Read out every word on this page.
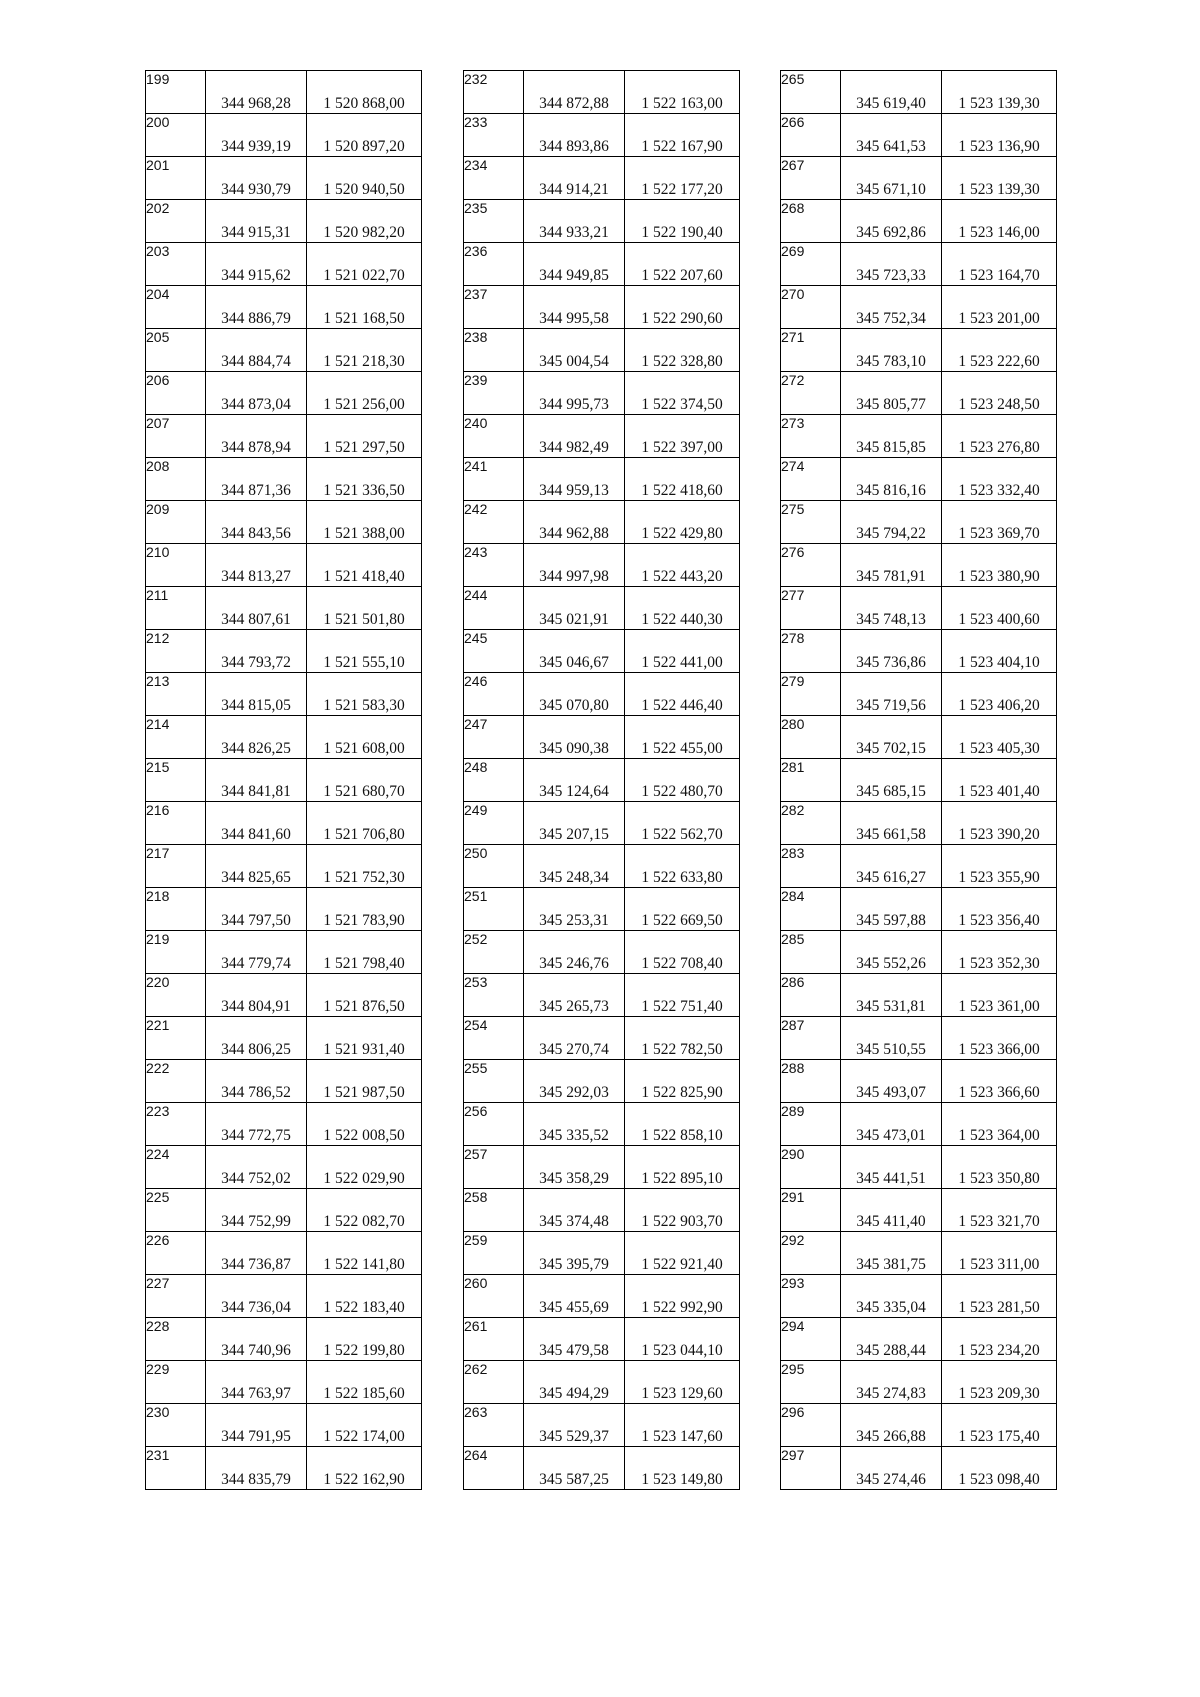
199	344 968,28	1 520 868,00
200	344 939,19	1 520 897,20
201	344 930,79	1 520 940,50
202	344 915,31	1 520 982,20
203	344 915,62	1 521 022,70
204	344 886,79	1 521 168,50
205	344 884,74	1 521 218,30
206	344 873,04	1 521 256,00
207	344 878,94	1 521 297,50
208	344 871,36	1 521 336,50
209	344 843,56	1 521 388,00
210	344 813,27	1 521 418,40
211	344 807,61	1 521 501,80
212	344 793,72	1 521 555,10
213	344 815,05	1 521 583,30
214	344 826,25	1 521 608,00
215	344 841,81	1 521 680,70
216	344 841,60	1 521 706,80
217	344 825,65	1 521 752,30
218	344 797,50	1 521 783,90
219	344 779,74	1 521 798,40
220	344 804,91	1 521 876,50
221	344 806,25	1 521 931,40
222	344 786,52	1 521 987,50
223	344 772,75	1 522 008,50
224	344 752,02	1 522 029,90
225	344 752,99	1 522 082,70
226	344 736,87	1 522 141,80
227	344 736,04	1 522 183,40
228	344 740,96	1 522 199,80
229	344 763,97	1 522 185,60
230	344 791,95	1 522 174,00
231	344 835,79	1 522 162,90
232	344 872,88	1 522 163,00
233	344 893,86	1 522 167,90
234	344 914,21	1 522 177,20
235	344 933,21	1 522 190,40
236	344 949,85	1 522 207,60
237	344 995,58	1 522 290,60
238	345 004,54	1 522 328,80
239	344 995,73	1 522 374,50
240	344 982,49	1 522 397,00
241	344 959,13	1 522 418,60
242	344 962,88	1 522 429,80
243	344 997,98	1 522 443,20
244	345 021,91	1 522 440,30
245	345 046,67	1 522 441,00
246	345 070,80	1 522 446,40
247	345 090,38	1 522 455,00
248	345 124,64	1 522 480,70
249	345 207,15	1 522 562,70
250	345 248,34	1 522 633,80
251	345 253,31	1 522 669,50
252	345 246,76	1 522 708,40
253	345 265,73	1 522 751,40
254	345 270,74	1 522 782,50
255	345 292,03	1 522 825,90
256	345 335,52	1 522 858,10
257	345 358,29	1 522 895,10
258	345 374,48	1 522 903,70
259	345 395,79	1 522 921,40
260	345 455,69	1 522 992,90
261	345 479,58	1 523 044,10
262	345 494,29	1 523 129,60
263	345 529,37	1 523 147,60
264	345 587,25	1 523 149,80
265	345 619,40	1 523 139,30
266	345 641,53	1 523 136,90
267	345 671,10	1 523 139,30
268	345 692,86	1 523 146,00
269	345 723,33	1 523 164,70
270	345 752,34	1 523 201,00
271	345 783,10	1 523 222,60
272	345 805,77	1 523 248,50
273	345 815,85	1 523 276,80
274	345 816,16	1 523 332,40
275	345 794,22	1 523 369,70
276	345 781,91	1 523 380,90
277	345 748,13	1 523 400,60
278	345 736,86	1 523 404,10
279	345 719,56	1 523 406,20
280	345 702,15	1 523 405,30
281	345 685,15	1 523 401,40
282	345 661,58	1 523 390,20
283	345 616,27	1 523 355,90
284	345 597,88	1 523 356,40
285	345 552,26	1 523 352,30
286	345 531,81	1 523 361,00
287	345 510,55	1 523 366,00
288	345 493,07	1 523 366,60
289	345 473,01	1 523 364,00
290	345 441,51	1 523 350,80
291	345 411,40	1 523 321,70
292	345 381,75	1 523 311,00
293	345 335,04	1 523 281,50
294	345 288,44	1 523 234,20
295	345 274,83	1 523 209,30
296	345 266,88	1 523 175,40
297	345 274,46	1 523 098,40
